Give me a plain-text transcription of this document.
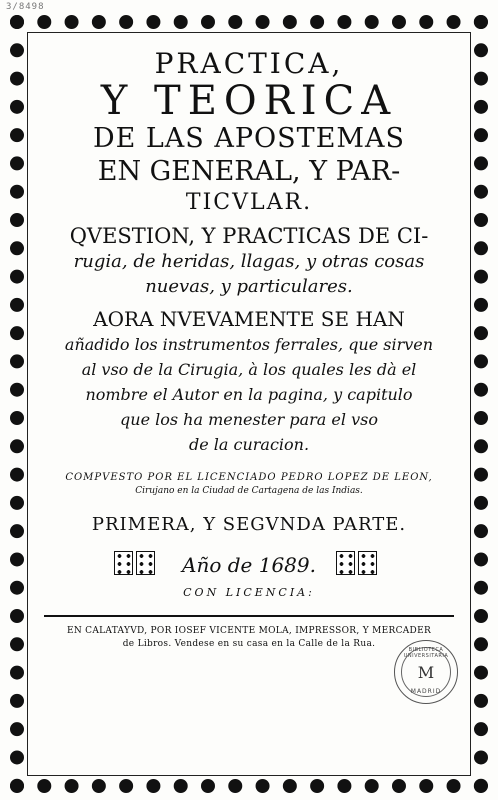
3/8498
PRACTICA,
Y TEORICA
DE LAS APOSTEMAS
EN GENERAL, Y PAR-
TICVLAR.
QVESTION, Y PRACTICAS DE CI-
rugia, de heridas, llagas, y otras cosas
nuevas, y particulares.
AORA NVEVAMENTE SE HAN
añadido los instrumentos ferrales, que sirven
al vso de la Cirugia, à los quales les dà el
nombre el Autor en la pagina, y capitulo
que los ha menester para el vso
de la curacion.
COMPVESTO POR EL LICENCIADO PEDRO LOPEZ DE LEON,
Cirujano en la Ciudad de Cartagena de las Indias.
PRIMERA, Y SEGVNDA PARTE.
Año de 1689.
CON LICENCIA:
EN CALATAYVD, POR IOSEF VICENTE MOLA, IMPRESSOR, Y MERCADER
de Libros. Vendese en su casa en la Calle de la Rua.
BIBLIOTECA UNIVERSITARIA
M
MADRID
